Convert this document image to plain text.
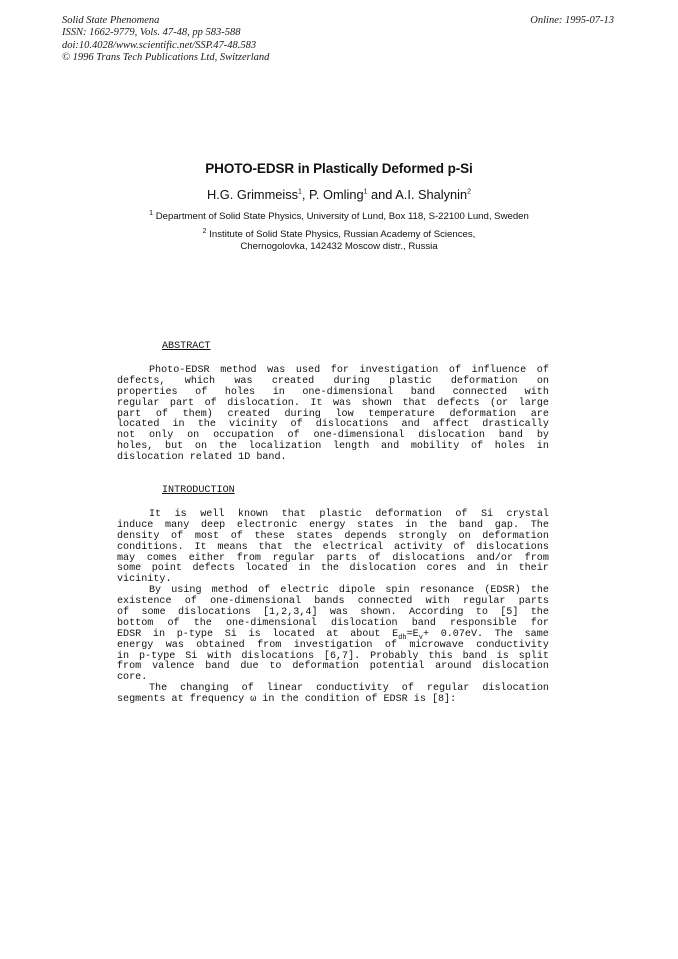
Solid State Phenomena
ISSN: 1662-9779, Vols. 47-48, pp 583-588
doi:10.4028/www.scientific.net/SSP.47-48.583
© 1996 Trans Tech Publications Ltd, Switzerland
Online: 1995-07-13
PHOTO-EDSR in Plastically Deformed p-Si
H.G. Grimmeiss$^1$, P. Omling$^1$ and A.I. Shalynin$^2$
$^1$ Department of Solid State Physics, University of Lund, Box 118, S-22100 Lund, Sweden
$^2$ Institute of Solid State Physics, Russian Academy of Sciences,
Chernogolovka, 142432 Moscow distr., Russia
ABSTRACT
Photo-EDSR method was used for investigation of influence of
defects, which was created during plastic deformation on
properties of holes in one-dimensional band connected with
regular part of dislocation. It was shown that defects (or large
part of them) created during low temperature deformation are
located in the vicinity of dislocations and affect drastically
not only on occupation of one-dimensional dislocation band by
holes, but on the localization length and mobility of holes in
dislocation related 1D band.
INTRODUCTION
It is well known that plastic deformation of Si crystal
induce many deep electronic energy states in the band gap. The
density of most of these states depends strongly on deformation
conditions. It means that the electrical activity of dislocations
may comes either from regular parts of dislocations and/or from
some point defects located in the dislocation cores and in their
vicinity.
By using method of electric dipole spin resonance (EDSR) the
existence of one-dimensional bands connected with regular parts
of some dislocations [1,2,3,4] was shown. According to [5] the
bottom of the one-dimensional dislocation band responsible for
EDSR in p-type Si is located at about $E_{dh}=E_v+ 0.07eV$. The same
energy was obtained from investigation of microwave conductivity
in p-type Si with dislocations [6,7]. Probably this band is split
from valence band due to deformation potential around dislocation
core.
The changing of linear conductivity of regular dislocation
segments at frequency ω in the condition of EDSR is [8]:
